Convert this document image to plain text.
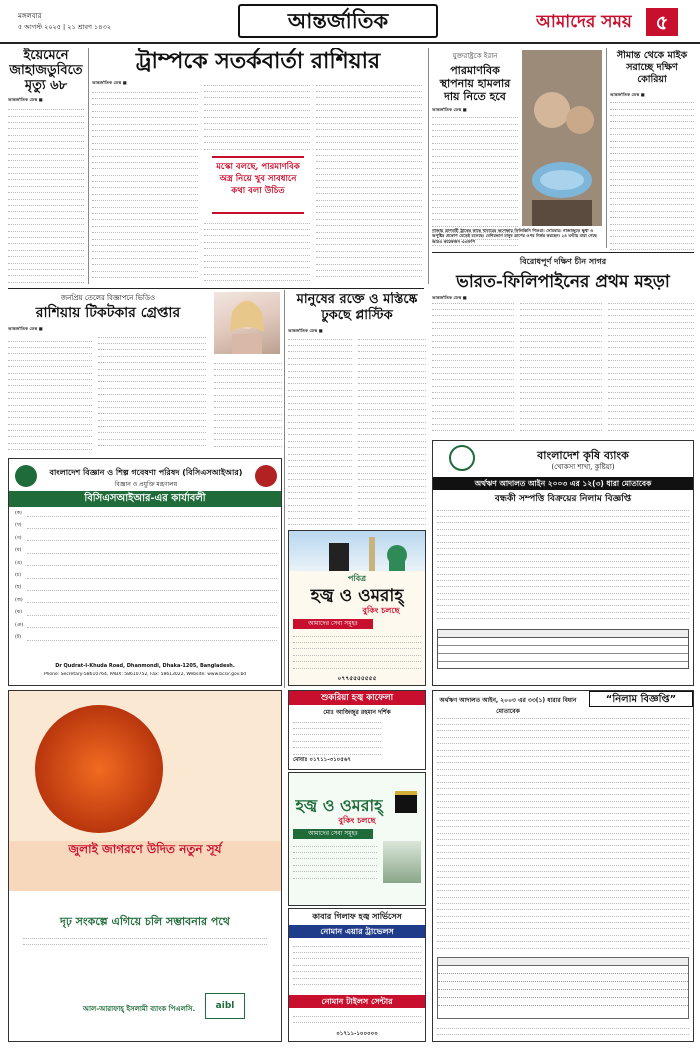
মঙ্গলবার
৫ আগস্ট ২০২৫ | ২১ শ্রাবণ ১৪৩২	আন্তর্জাতিক	আমাদের সময়	৫
ইয়েমেনে জাহাজডুবিতে মৃত্যু ৬৮
আন্তর্জাতিক ডেস্ক ■
ট্রাম্পকে সতর্কবার্তা রাশিয়ার
আন্তর্জাতিক ডেস্ক ■
মস্কো বলছে, পারমাণবিক অস্ত্র নিয়ে খুব সাবধানে কথা বলা উচিত
যুক্তরাষ্ট্রকে ইরান
পারমাণবিক স্থাপনায় হামলার দায় নিতে হবে
আন্তর্জাতিক ডেস্ক ■
গাজায় ত্রাণবাহী ট্রাকের কাছে খাবারের অপেক্ষায় ফিলিস্তিনি শিশুরা। সোমবার। গাজাজুড়ে ক্ষুধা ও অপুষ্টির প্রকোপ বেড়েই চলেছে। বেশিরভাগ মানুষ ত্রাণের ওপর নির্ভর করছেন। ২৪ ঘণ্টায় মারা গেছে আরও কয়েকজন এএফপি
সীমান্ত থেকে মাইক সরাচ্ছে দক্ষিণ কোরিয়া
আন্তর্জাতিক ডেস্ক ■
বিরোধপূর্ণ দক্ষিণ চীন সাগর
ভারত-ফিলিপাইনের প্রথম মহড়া
আন্তর্জাতিক ডেস্ক ■
জনপ্রিয় তেলের বিজ্ঞাপনে ভিডিও
রাশিয়ায় টিকটকার গ্রেপ্তার
আন্তর্জাতিক ডেস্ক ■
মানুষের রক্তে ও মস্তিষ্কে ঢুকছে প্লাস্টিক
আন্তর্জাতিক ডেস্ক ■
বাংলাদেশ বিজ্ঞান ও শিল্প গবেষণা পরিষদ (বিসিএসআইআর)
বিজ্ঞান ও প্রযুক্তি মন্ত্রণালয়
বিসিএসআইআর-এর কার্যাবলী
(ক)
(খ)
(গ)
(ঘ)
(ঙ)
(চ)
(ছ)
(জ)
(ঝ)
(ঞ)
(ট)
Dr Qudrat-I-Khuda Road, Dhanmondi, Dhaka-1205, Bangladesh.
Phone: Secretary-58610764, PABX: 58610752, Fax: 58613022, Website: www.bcsir.gov.bd
বাংলাদেশ কৃষি ব্যাংক
(খোকসা শাখা, কুষ্টিয়া)
অর্থঋণ আদালত আইন ২০০৩ এর ১২(৩) ধারা মোতাবেক
বন্ধকী সম্পত্তি বিক্রয়ের নিলাম বিজ্ঞপ্তি
পবিত্র
হজ্ব ও ওমরাহ্
বুকিং চলছে
আমাদের সেবা সমূহঃ
০৭৭৫৫৫৫৫৫৫
জুলাই জাগরণে উদিত নতুন সূর্য
দৃঢ় সংকল্পে এগিয়ে চলি সম্ভাবনার পথে
আল-আরাফাহ্ ইসলামী ব্যাংক পিএলসি.	aibl
শুকরিয়া হজ্ব কাফেলা
মোঃ আজিজুর রহমান দর্শিক
মোবাঃ ০১৭১১-৩১০৫৬৭
হজ্ব ও ওমরাহ্
বুকিং চলছে
আমাদের সেবা সমূহঃ
কাবার গিলাফ হজ্ব সার্ভিসেস
নোমান এয়ার ট্রাভেলস
নোমান টাইলস সেন্টার
০১৭১১-১০০০০০
অর্থঋণ আদালত আইন, ২০০৩ এর ৩৩(১) ধারার বিধান মোতাবেক
“নিলাম বিজ্ঞপ্তি”
